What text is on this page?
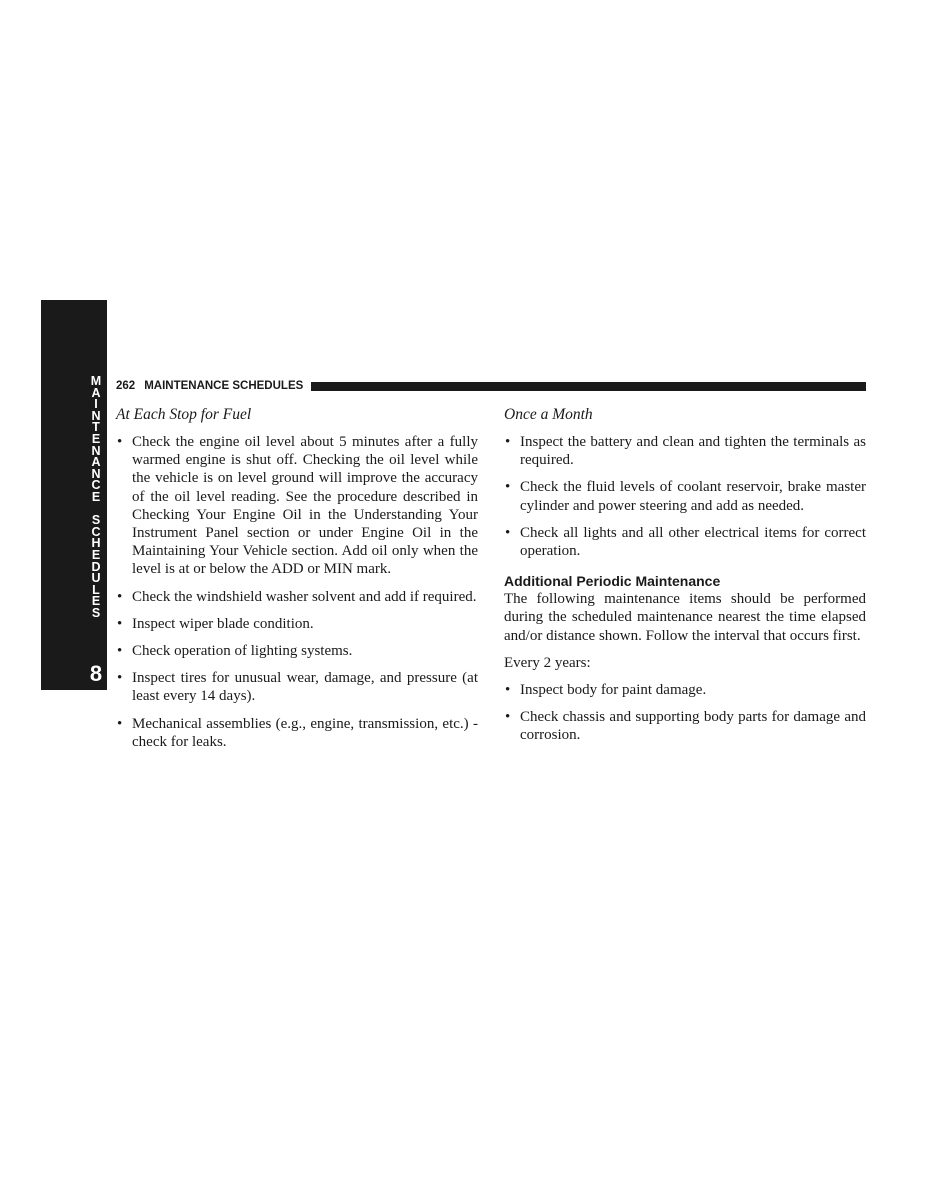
M
A
I
N
T
E
N
A
N
C
E
S
C
H
E
D
U
L
E
S
8
262 MAINTENANCE SCHEDULES
At Each Stop for Fuel
• Check the engine oil level about 5 minutes after a fully warmed engine is shut off. Checking the oil level while the vehicle is on level ground will improve the accuracy of the oil level reading. See the procedure described in Checking Your Engine Oil in the Understanding Your Instrument Panel section or under Engine Oil in the Maintaining Your Vehicle section. Add oil only when the level is at or below the ADD or MIN mark.
• Check the windshield washer solvent and add if required.
• Inspect wiper blade condition.
• Check operation of lighting systems.
• Inspect tires for unusual wear, damage, and pressure (at least every 14 days).
• Mechanical assemblies (e.g., engine, transmission, etc.) - check for leaks.
Once a Month
• Inspect the battery and clean and tighten the terminals as required.
• Check the fluid levels of coolant reservoir, brake master cylinder and power steering and add as needed.
• Check all lights and all other electrical items for correct operation.
Additional Periodic Maintenance

The following maintenance items should be performed during the scheduled maintenance nearest the time elapsed and/or distance shown. Follow the interval that occurs first.

Every 2 years:

• Inspect body for paint damage.
• Check chassis and supporting body parts for damage and corrosion.
